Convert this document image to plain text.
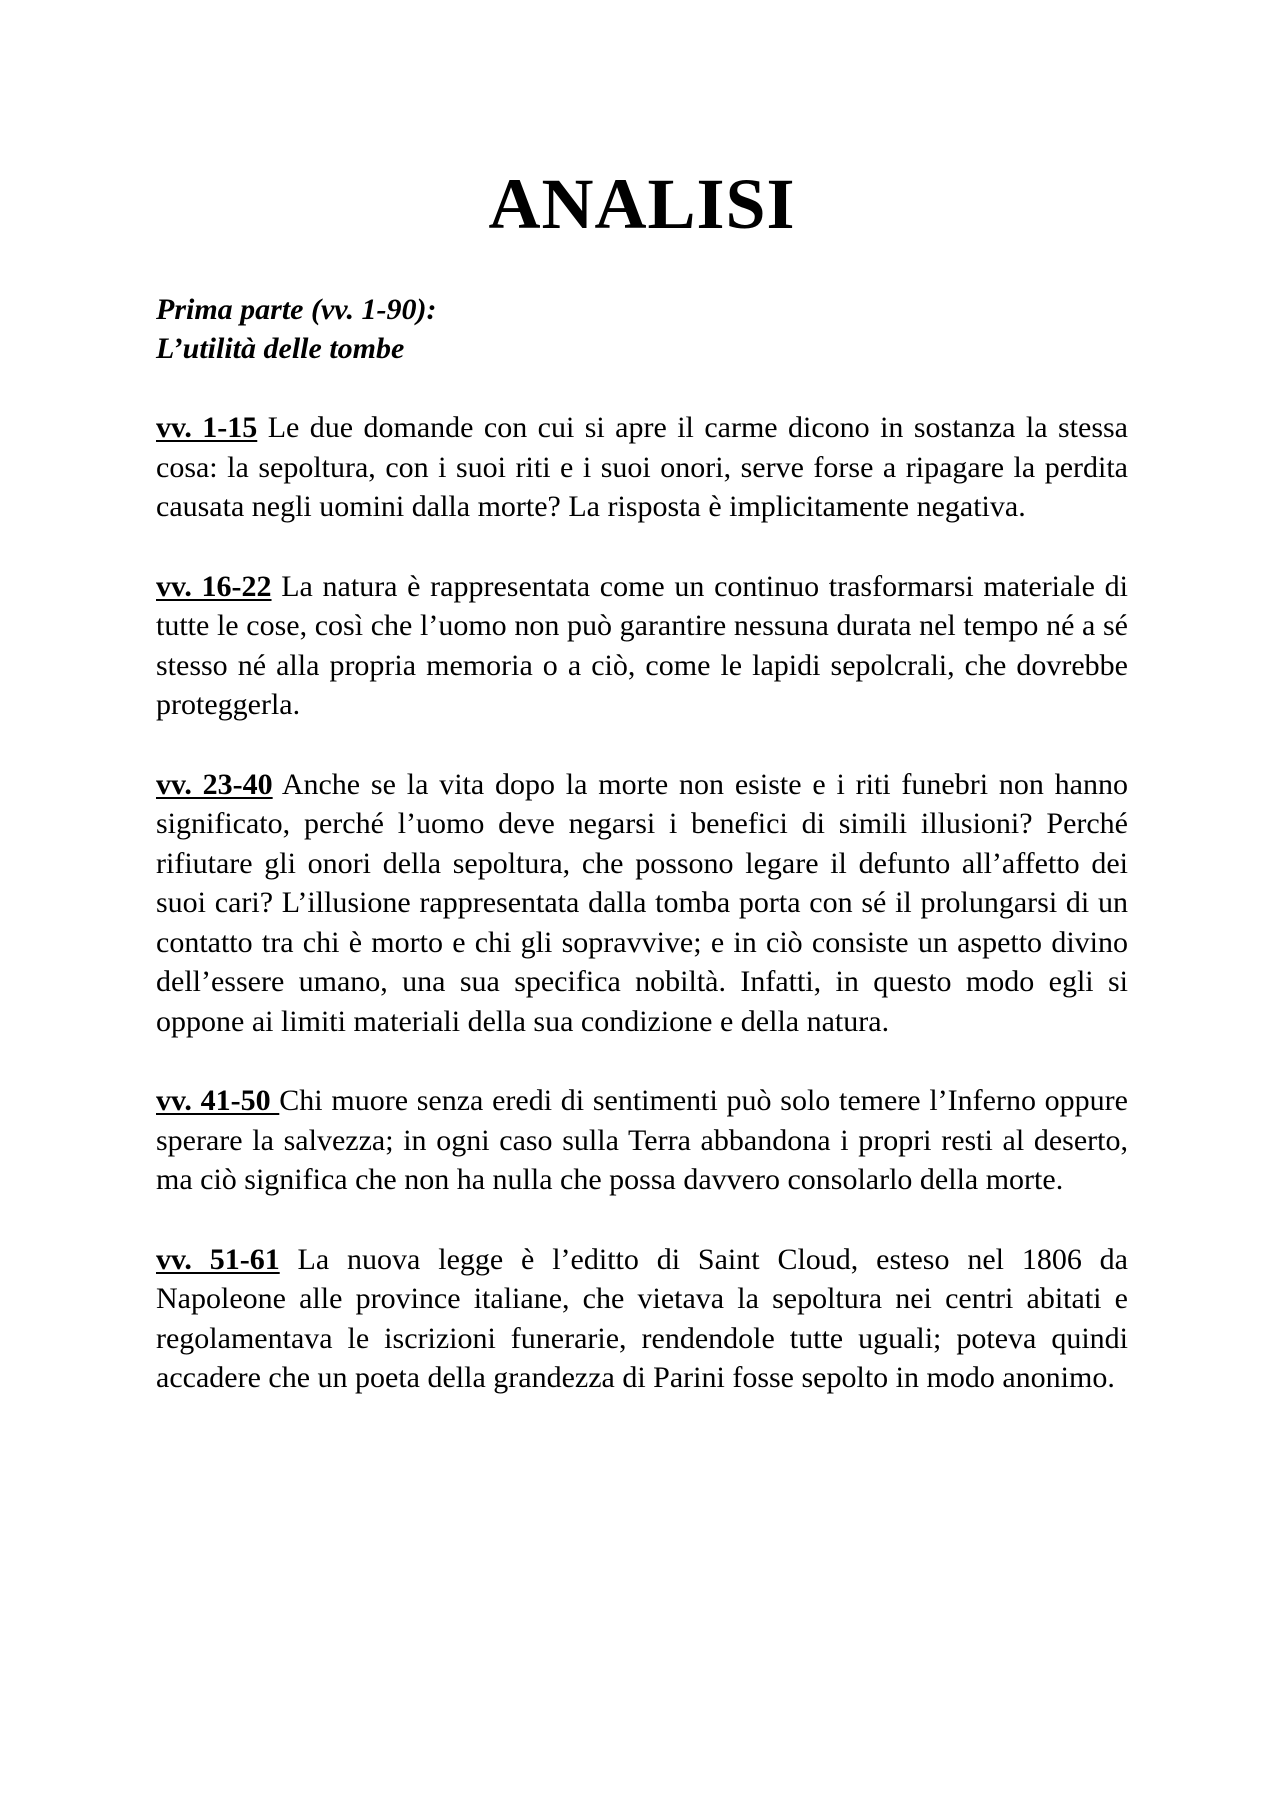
ANALISI
Prima parte (vv. 1-90):
L’utilità delle tombe

vv. 1-15 Le due domande con cui si apre il carme dicono in sostanza la stessa cosa: la sepoltura, con i suoi riti e i suoi onori, serve forse a ripagare la perdita causata negli uomini dalla morte? La risposta è implicitamente negativa.

vv. 16-22 La natura è rappresentata come un continuo trasformarsi materiale di tutte le cose, così che l’uomo non può garantire nessuna durata nel tempo né a sé stesso né alla propria memoria o a ciò, come le lapidi sepolcrali, che dovrebbe proteggerla.

vv. 23-40 Anche se la vita dopo la morte non esiste e i riti funebri non hanno significato, perché l’uomo deve negarsi i benefici di simili illusioni? Perché rifiutare gli onori della sepoltura, che possono legare il defunto all’affetto dei suoi cari? L’illusione rappresentata dalla tomba porta con sé il prolungarsi di un contatto tra chi è morto e chi gli sopravvive; e in ciò consiste un aspetto divino dell’essere umano, una sua specifica nobiltà. Infatti, in questo modo egli si oppone ai limiti materiali della sua condizione e della natura.

vv. 41-50 Chi muore senza eredi di sentimenti può solo temere l’Inferno oppure sperare la salvezza; in ogni caso sulla Terra abbandona i propri resti al deserto, ma ciò significa che non ha nulla che possa davvero consolarlo della morte.

vv. 51-61 La nuova legge è l’editto di Saint Cloud, esteso nel 1806 da Napoleone alle province italiane, che vietava la sepoltura nei centri abitati e regolamentava le iscrizioni funerarie, rendendole tutte uguali; poteva quindi accadere che un poeta della grandezza di Parini fosse sepolto in modo anonimo.
